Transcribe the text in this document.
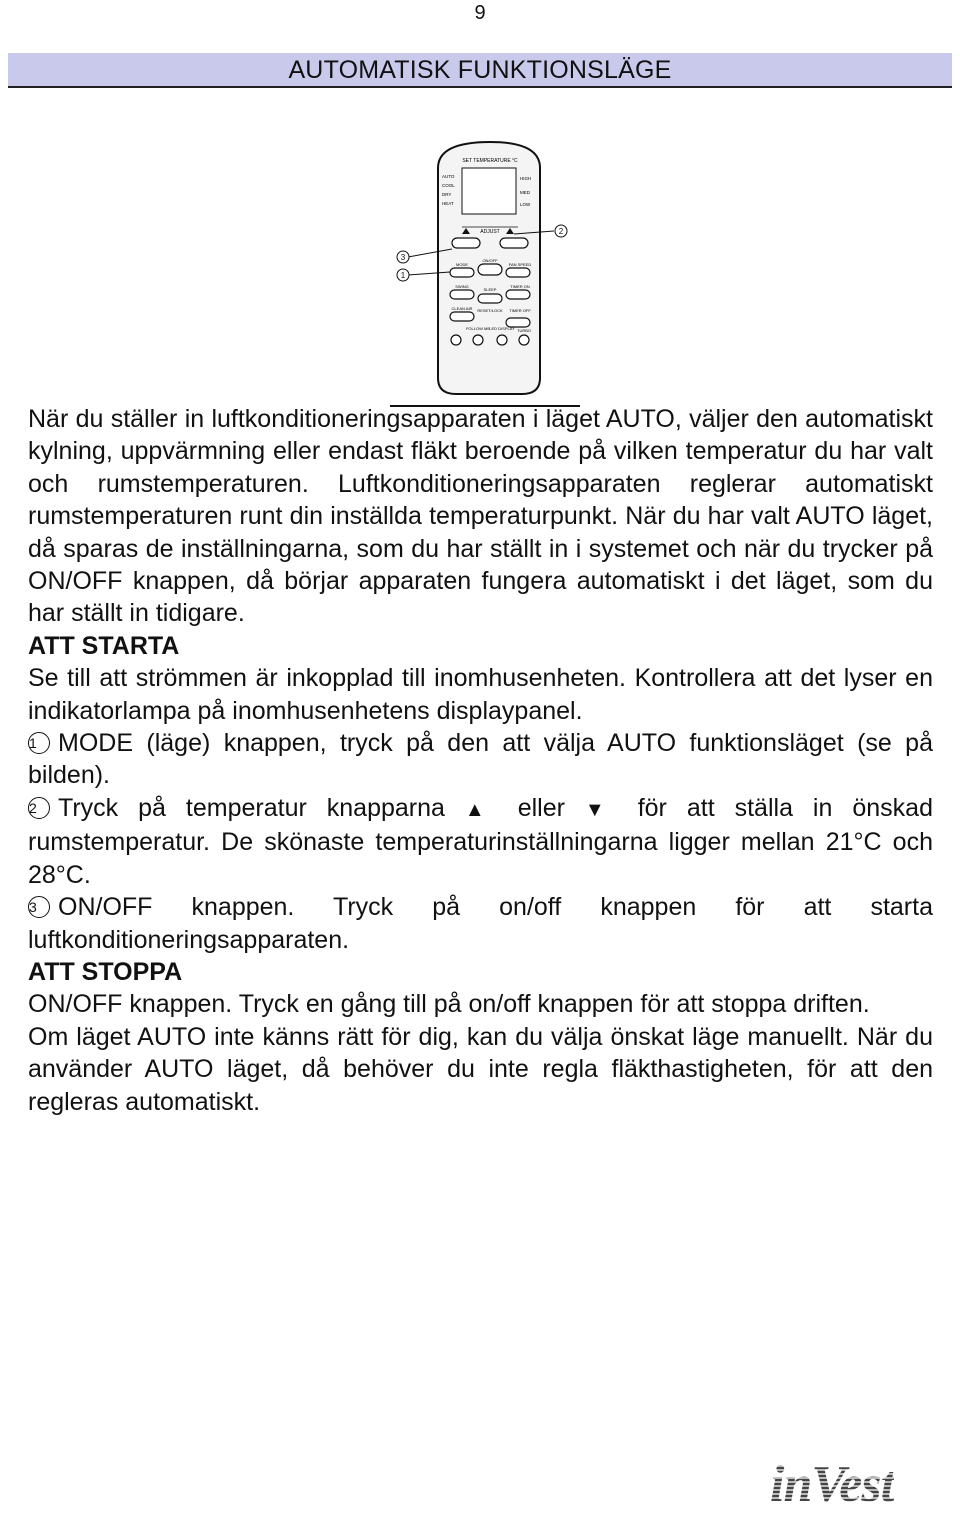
9
AUTOMATISK FUNKTIONSLÄGE
SET TEMPERATURE °C
AUTO
COOL
DRY
HEAT
HIGH
MED
LOW
ADJUST
MODE
ON/OFF
FAN SPEED
SWING
SLEEP
TIMER ON
CLEAN AIR RESET/LOCK TIMER OFF
FOLLOW ME LED DISPLAY TURBO
3
1
2

När du ställer in luftkonditioneringsapparaten i läget AUTO, väljer den automatiskt kylning, uppvärmning eller endast fläkt beroende på vilken temperatur du har valt och rumstemperaturen. Luftkonditioneringsapparaten reglerar automatiskt rumstemperaturen runt din inställda temperaturpunkt. När du har valt AUTO läget, då sparas de inställningarna, som du har ställt in i systemet och när du trycker på ON/OFF knappen, då börjar apparaten fungera automatiskt i det läget, som du har ställt in tidigare.

ATT STARTA

Se till att strömmen är inkopplad till inomhusenheten. Kontrollera att det lyser en indikatorlampa på inomhusenhetens displaypanel.

1 MODE (läge) knappen, tryck på den att välja AUTO funktionsläget (se på bilden).

2 Tryck på temperatur knapparna ▲ eller ▼ för att ställa in önskad rumstemperatur. De skönaste temperaturinställningarna ligger mellan 21°C och 28°C.

3 ON/OFF knappen. Tryck på on/off knappen för att starta luftkonditioneringsapparaten.

ATT STOPPA

ON/OFF knappen. Tryck en gång till på on/off knappen för att stoppa driften.

Om läget AUTO inte känns rätt för dig, kan du välja önskat läge manuellt. När du använder AUTO läget, då behöver du inte regla fläkthastigheten, för att den regleras automatiskt.

inVest
